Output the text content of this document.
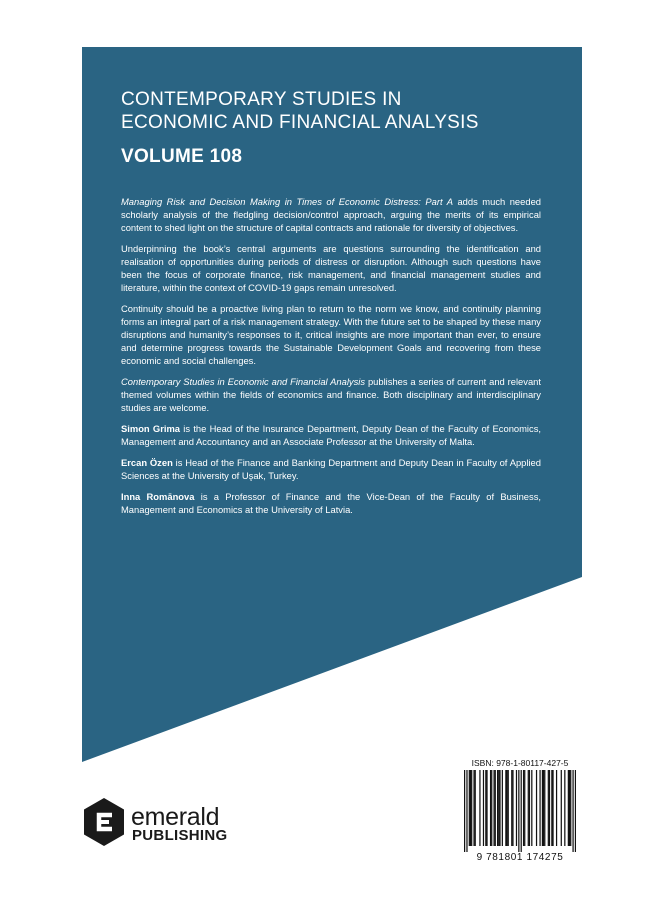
CONTEMPORARY STUDIES IN
ECONOMIC AND FINANCIAL ANALYSIS
VOLUME 108

Managing Risk and Decision Making in Times of Economic Distress: Part A adds much needed scholarly analysis of the fledgling decision/control approach, arguing the merits of its empirical content to shed light on the structure of capital contracts and rationale for diversity of objectives.

Underpinning the book’s central arguments are questions surrounding the identification and realisation of opportunities during periods of distress or disruption. Although such questions have been the focus of corporate finance, risk management, and financial management studies and literature, within the context of COVID-19 gaps remain unresolved.

Continuity should be a proactive living plan to return to the norm we know, and continuity planning forms an integral part of a risk management strategy. With the future set to be shaped by these many disruptions and humanity’s responses to it, critical insights are more important than ever, to ensure and determine progress towards the Sustainable Development Goals and recovering from these economic and social challenges.

Contemporary Studies in Economic and Financial Analysis publishes a series of current and relevant themed volumes within the fields of economics and finance. Both disciplinary and interdisciplinary studies are welcome.

Simon Grima is the Head of the Insurance Department, Deputy Dean of the Faculty of Economics, Management and Accountancy and an Associate Professor at the University of Malta.

Ercan Özen is Head of the Finance and Banking Department and Deputy Dean in Faculty of Applied Sciences at the University of Uşak, Turkey.

Inna Romānova is a Professor of Finance and the Vice-Dean of the Faculty of Business, Management and Economics at the University of Latvia.

emerald
PUBLISHING
ISBN: 978-1-80117-427-5
9 781801 174275
